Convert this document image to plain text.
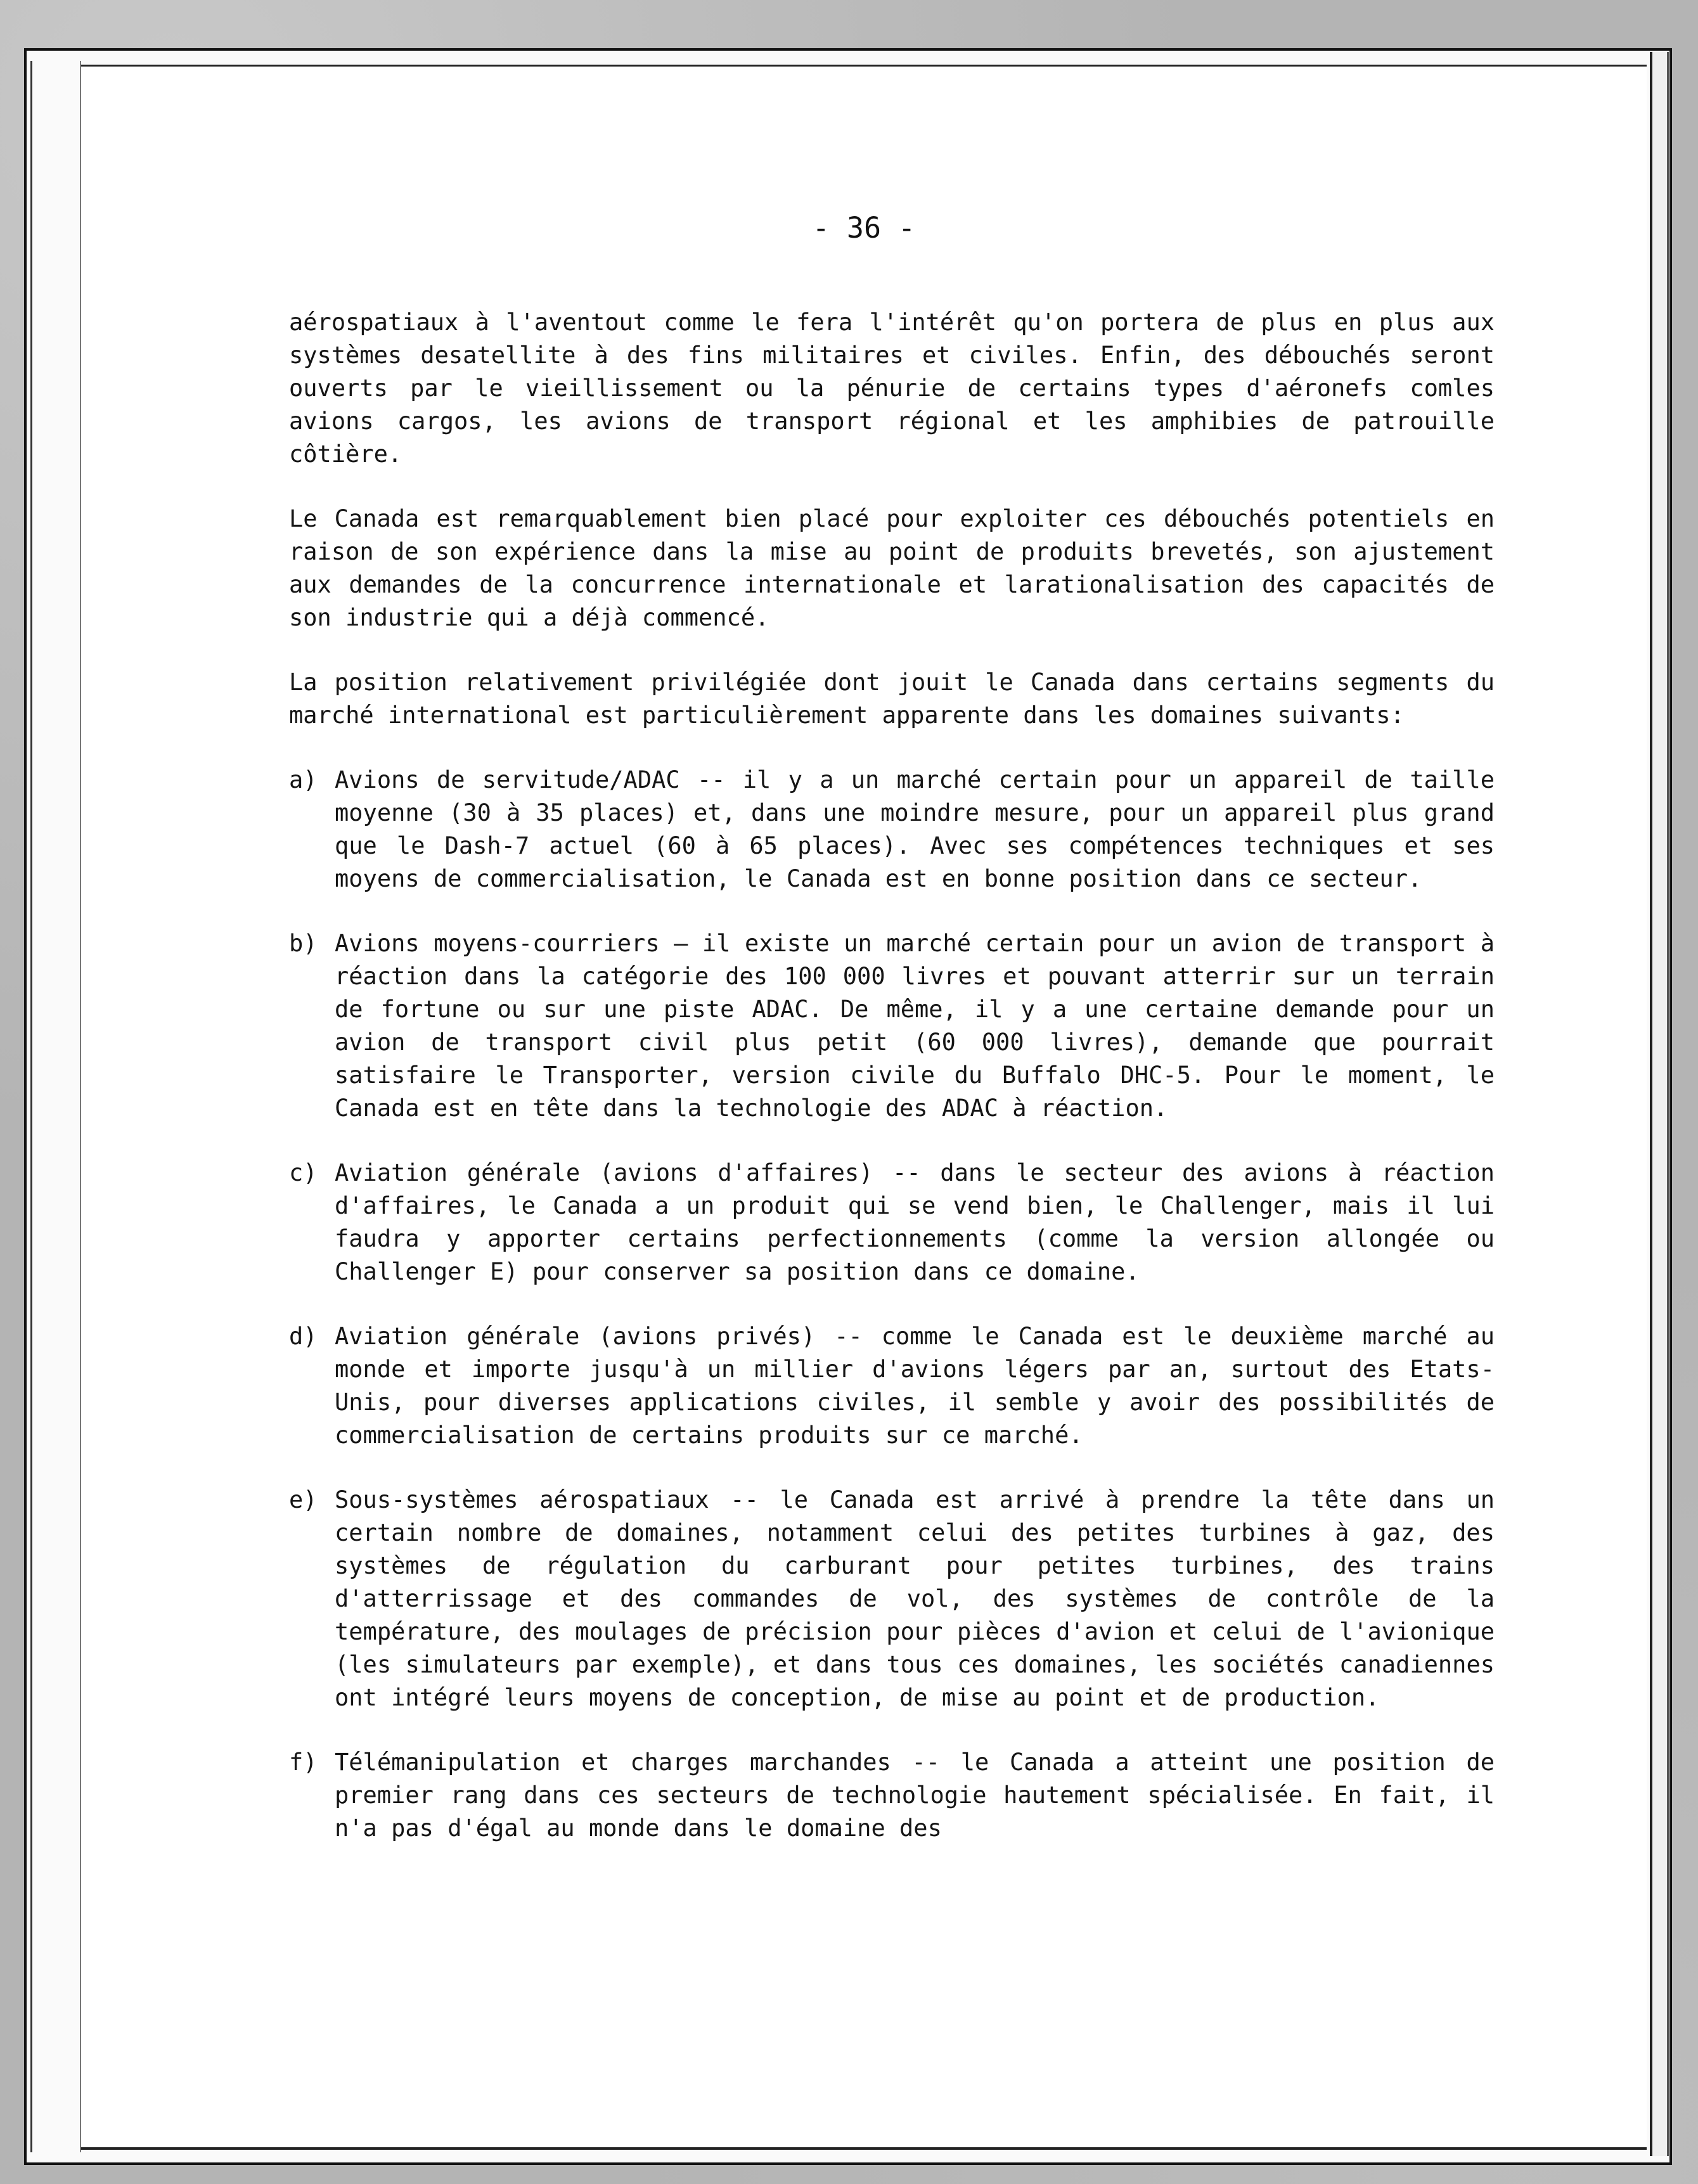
- 36 -

aérospatiaux à l'aventout comme le fera l'intérêt qu'on portera de plus en plus aux systèmes desatellite à des fins militaires et civiles. Enfin, des débouchés seront ouverts par le vieillissement ou la pénurie de certains types d'aéronefs comles avions cargos, les avions de transport régional et les amphibies de patrouille côtière.

Le Canada est remarquablement bien placé pour exploiter ces débouchés potentiels en raison de son expérience dans la mise au point de produits brevetés, son ajustement aux demandes de la concurrence internationale et larationalisation des capacités de son industrie qui a déjà commencé.

La position relativement privilégiée dont jouit le Canada dans certains segments du marché international est particulièrement apparente dans les domaines suivants:

a) Avions de servitude/ADAC -- il y a un marché certain pour un appareil de taille moyenne (30 à 35 places) et, dans une moindre mesure, pour un appareil plus grand que le Dash-7 actuel (60 à 65 places). Avec ses compétences techniques et ses moyens de commercialisation, le Canada est en bonne position dans ce secteur.
b) Avions moyens-courriers — il existe un marché certain pour un avion de transport à réaction dans la catégorie des 100 000 livres et pouvant atterrir sur un terrain de fortune ou sur une piste ADAC. De même, il y a une certaine demande pour un avion de transport civil plus petit (60 000 livres), demande que pourrait satisfaire le Transporter, version civile du Buffalo DHC-5. Pour le moment, le Canada est en tête dans la technologie des ADAC à réaction.
c) Aviation générale (avions d'affaires) -- dans le secteur des avions à réaction d'affaires, le Canada a un produit qui se vend bien, le Challenger, mais il lui faudra y apporter certains perfectionnements (comme la version allongée ou Challenger E) pour conserver sa position dans ce domaine.
d) Aviation générale (avions privés) -- comme le Canada est le deuxième marché au monde et importe jusqu'à un millier d'avions légers par an, surtout des Etats-Unis, pour diverses applications civiles, il semble y avoir des possibilités de commercialisation de certains produits sur ce marché.
e) Sous-systèmes aérospatiaux -- le Canada est arrivé à prendre la tête dans un certain nombre de domaines, notamment celui des petites turbines à gaz, des systèmes de régulation du carburant pour petites turbines, des trains d'atterrissage et des commandes de vol, des systèmes de contrôle de la température, des moulages de précision pour pièces d'avion et celui de l'avionique (les simulateurs par exemple), et dans tous ces domaines, les sociétés canadiennes ont intégré leurs moyens de conception, de mise au point et de production.
f) Télémanipulation et charges marchandes -- le Canada a atteint une position de premier rang dans ces secteurs de technologie hautement spécialisée. En fait, il n'a pas d'égal au monde dans le domaine des
